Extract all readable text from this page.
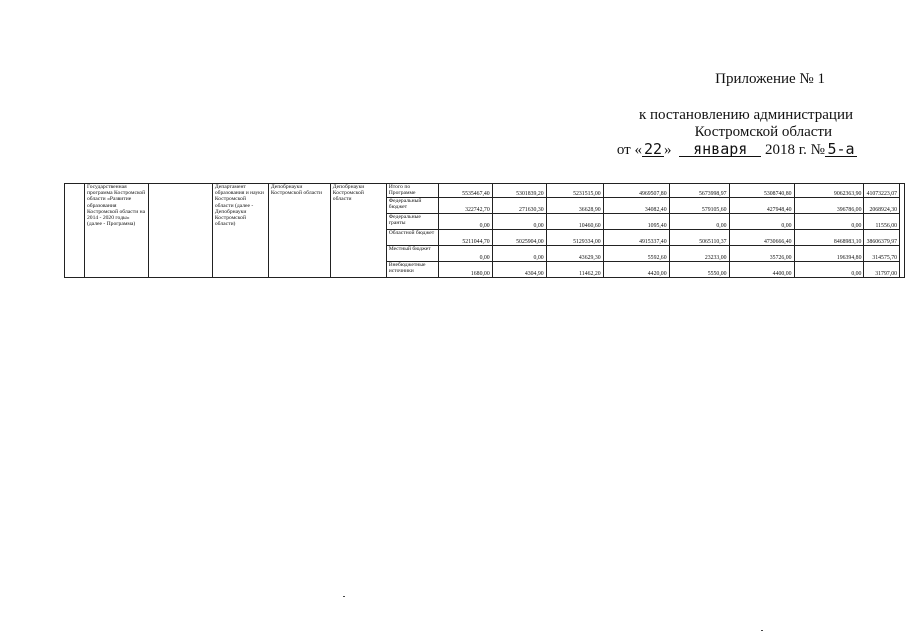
Приложение № 1
к постановлению администрации
Костромской области
от « 22 » января 2018 г. № 5-а
	Государственная программа Костромской области «Развитие образования Костромской области на 2014 - 2020 годы» (далее - Программа)		Департамент образования и науки Костромской области (далее - Депобрнауки Костромской области)	Депобрнауки Костромской области	Депобрнауки Костромской области	Итого по Программе	5535467,40	5301839,20	5231515,00	4969507,80	5673998,97	5308740,80	9062363,90	41073223,07	
						Федеральный бюджет	322742,70	271630,30	36628,90	34082,40	579105,60	427948,40	396786,00	2068924,30	
						Федеральные гранты	0,00	0,00	10460,60	1095,40	0,00	0,00	0,00	11556,00	
						Областной бюджет	5211044,70	5025904,00	5129334,00	4915337,40	5065110,37	4730666,40	8468983,10	38606379,97	
						Местный бюджет	0,00	0,00	43629,30	5592,60	23233,00	35726,00	196394,80	314575,70	
						Внебюджетные источники	1680,00	4304,90	11462,20	4420,00	5550,00	4400,00	0,00	31797,00	
